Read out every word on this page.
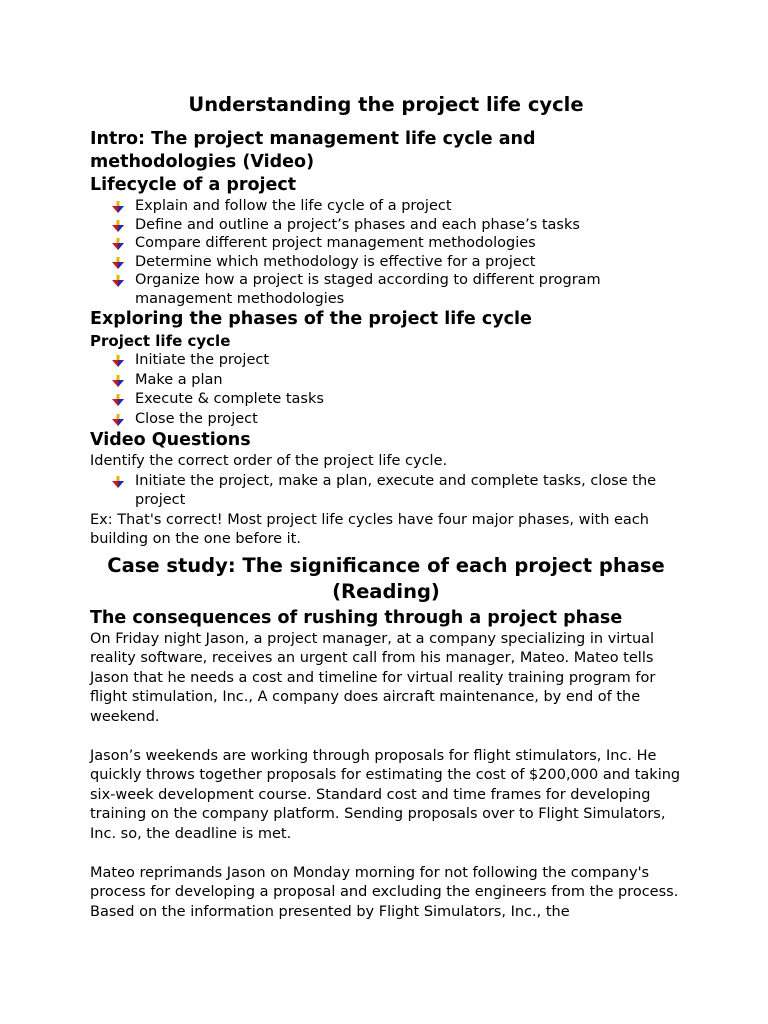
Understanding the project life cycle
Intro: The project management life cycle and methodologies (Video)
Lifecycle of a project
Explain and follow the life cycle of a project
Define and outline a project’s phases and each phase’s tasks
Compare different project management methodologies
Determine which methodology is effective for a project
Organize how a project is staged according to different program management methodologies
Exploring the phases of the project life cycle
Project life cycle
Initiate the project
Make a plan
Execute & complete tasks
Close the project
Video Questions
Identify the correct order of the project life cycle.
Initiate the project, make a plan, execute and complete tasks, close the project
Ex: That's correct! Most project life cycles have four major phases, with each building on the one before it.
Case study: The significance of each project phase (Reading)
The consequences of rushing through a project phase
On Friday night Jason, a project manager, at a company specializing in virtual reality software, receives an urgent call from his manager, Mateo. Mateo tells Jason that he needs a cost and timeline for virtual reality training program for flight stimulation, Inc., A company does aircraft maintenance, by end of the weekend.
Jason’s weekends are working through proposals for flight stimulators, Inc. He quickly throws together proposals for estimating the cost of $200,000 and taking six-week development course. Standard cost and time frames for developing training on the company platform. Sending proposals over to Flight Simulators, Inc. so, the deadline is met.
Mateo reprimands Jason on Monday morning for not following the company's process for developing a proposal and excluding the engineers from the process. Based on the information presented by Flight Simulators, Inc., the
